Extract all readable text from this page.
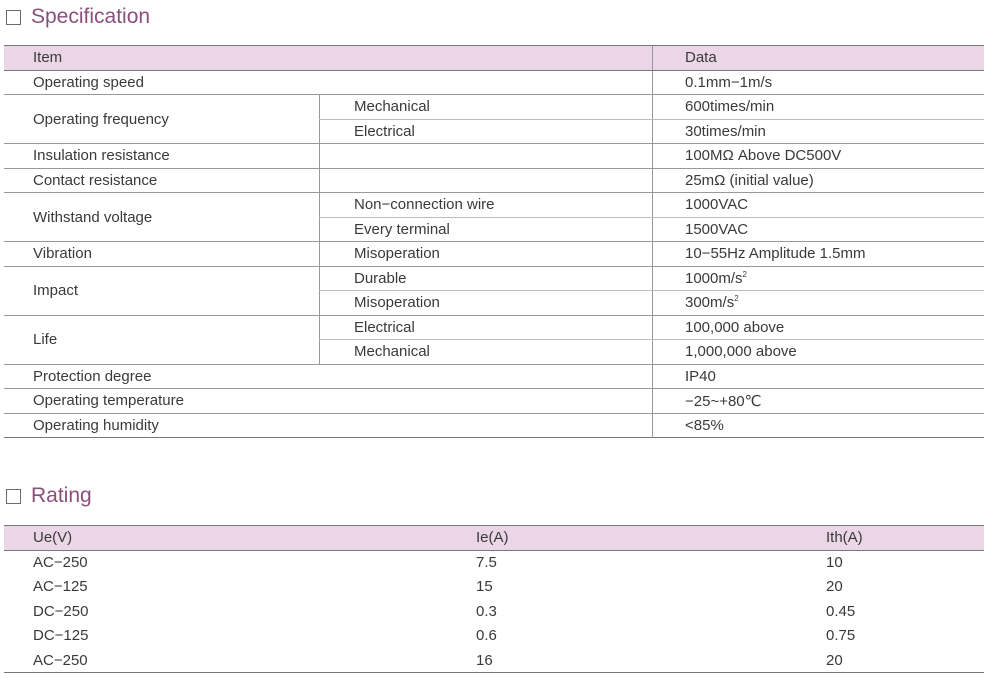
Specification
Item		Data
Operating speed		0.1mm−1m/s
Operating frequency	Mechanical	600times/min
	Electrical	30times/min
Insulation resistance		100MΩ Above DC500V
Contact resistance		25mΩ (initial value)
Withstand voltage	Non−connection wire	1000VAC
	Every terminal	1500VAC
Vibration	Misoperation	10−55Hz Amplitude 1.5mm
Impact	Durable	$1000m/s^2$
	Misoperation	$300m/s^2$
Life	Electrical	100,000 above
	Mechanical	1,000,000 above
Protection degree		IP40
Operating temperature		−25~+80℃
Operating humidity		<85%
Rating
Ue(V)	Ie(A)	Ith(A)
AC−250	7.5	10
AC−125	15	20
DC−250	0.3	0.45
DC−125	0.6	0.75
AC−250	16	20
